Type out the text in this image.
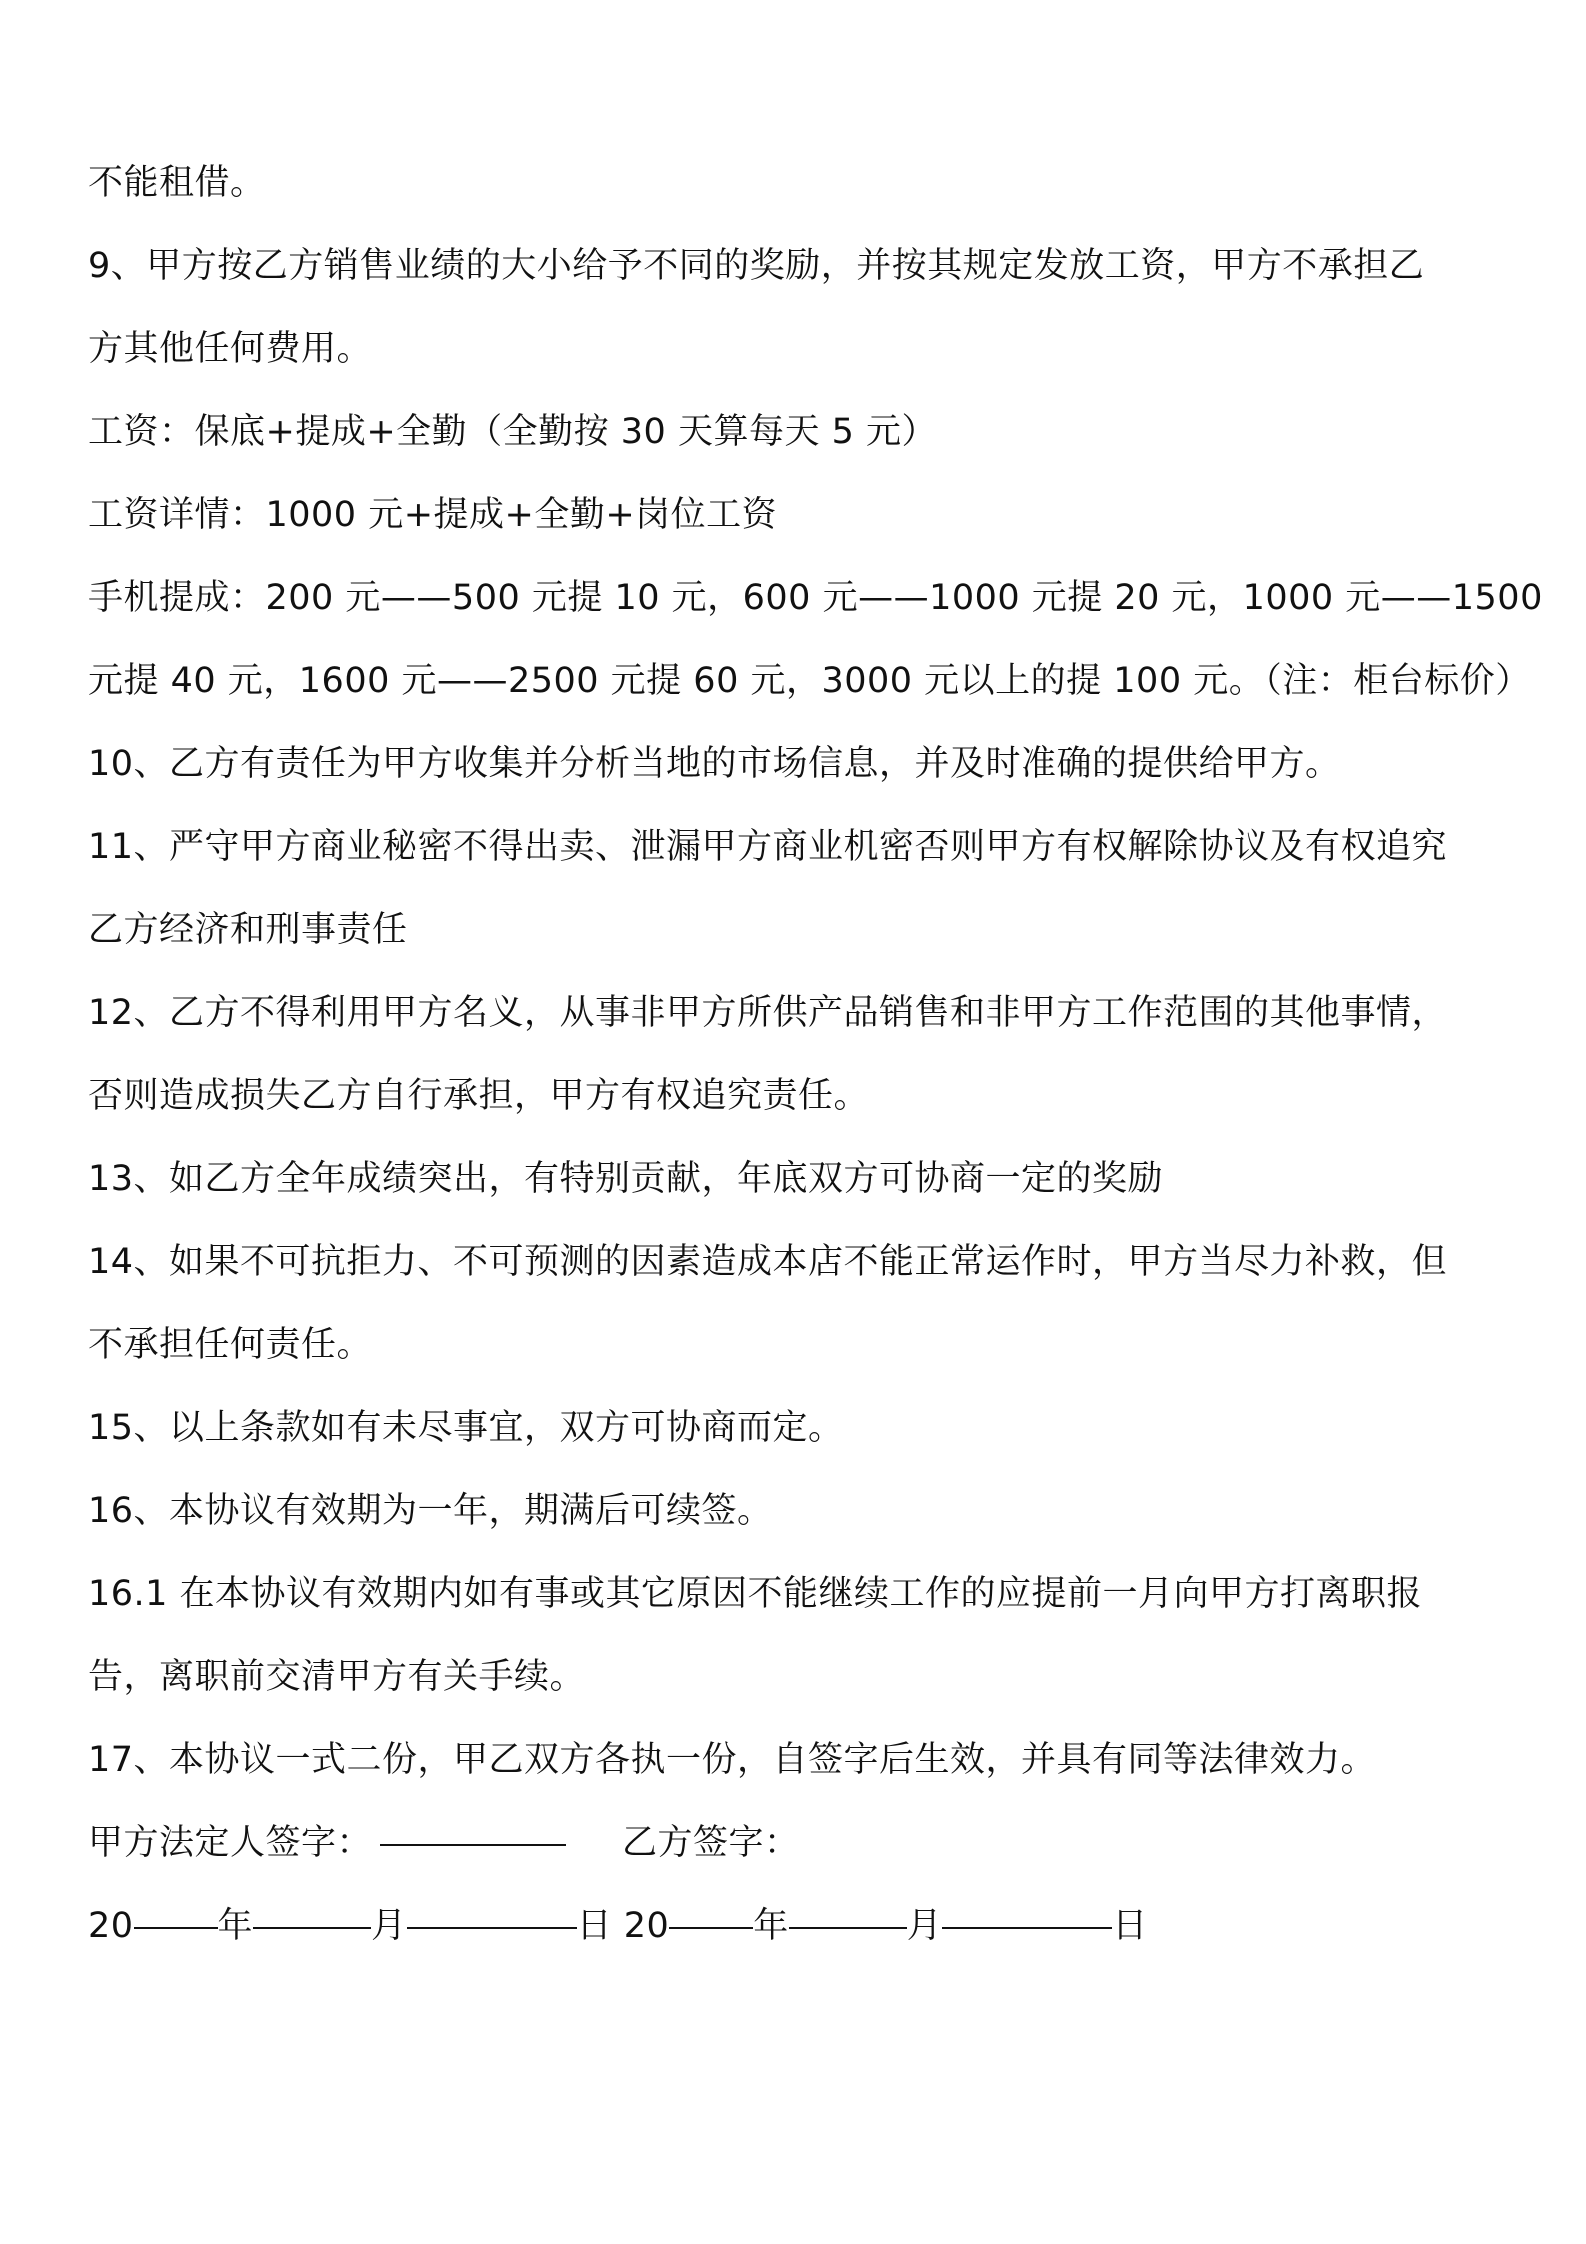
不能租借。
9、甲方按乙方销售业绩的大小给予不同的奖励，并按其规定发放工资，甲方不承担乙
方其他任何费用。
工资：保底+提成+全勤（全勤按 30 天算每天 5 元）
工资详情：1000 元+提成+全勤+岗位工资
手机提成：200 元——500 元提 10 元，600 元——1000 元提 20 元，1000 元——1500
元提 40 元，1600 元——2500 元提 60 元，3000 元以上的提 100 元。（注：柜台标价）
10、乙方有责任为甲方收集并分析当地的市场信息，并及时准确的提供给甲方。
11、严守甲方商业秘密不得出卖、泄漏甲方商业机密否则甲方有权解除协议及有权追究
乙方经济和刑事责任
12、乙方不得利用甲方名义，从事非甲方所供产品销售和非甲方工作范围的其他事情，
否则造成损失乙方自行承担，甲方有权追究责任。
13、如乙方全年成绩突出，有特别贡献，年底双方可协商一定的奖励
14、如果不可抗拒力、不可预测的因素造成本店不能正常运作时，甲方当尽力补救，但
不承担任何责任。
15、以上条款如有未尽事宜，双方可协商而定。
16、本协议有效期为一年，期满后可续签。
16.1 在本协议有效期内如有事或其它原因不能继续工作的应提前一月向甲方打离职报
告，离职前交清甲方有关手续。
17、本协议一式二份，甲乙双方各执一份，自签字后生效，并具有同等法律效力。
甲方法定人签字：	乙方签字：
20 年	月	日 20 年	月	日
